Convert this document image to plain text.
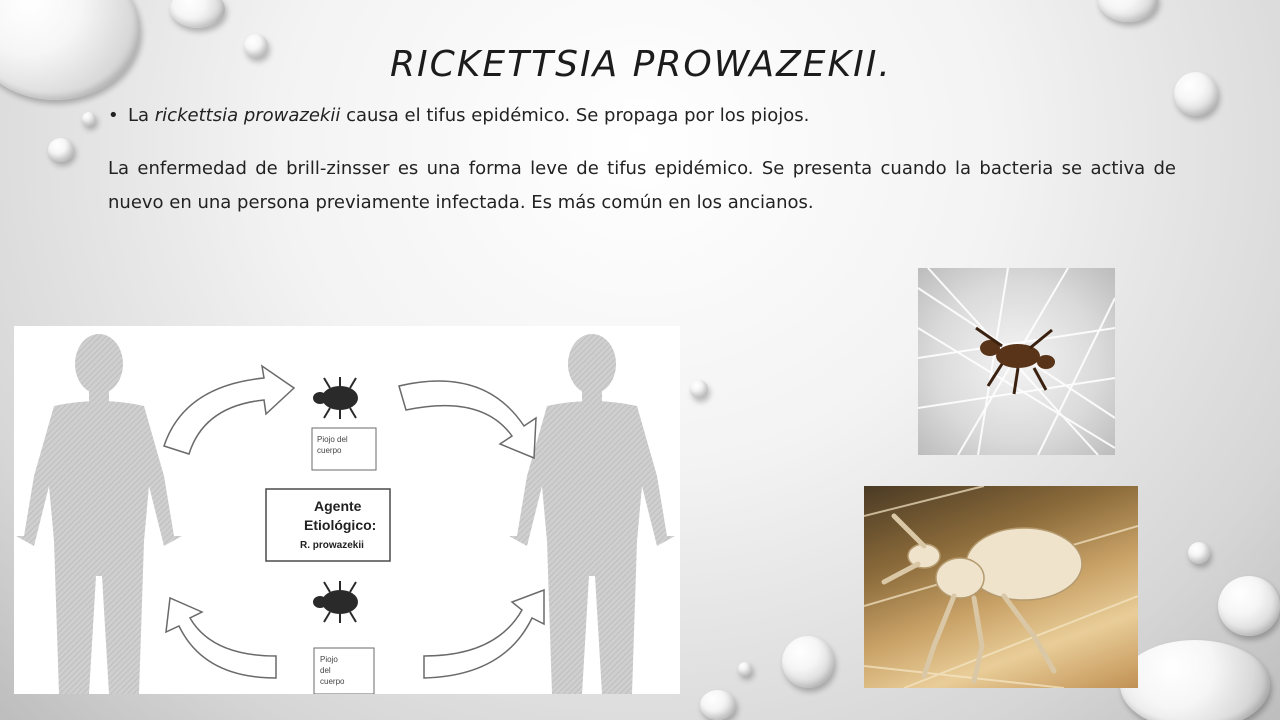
RICKETTSIA PROWAZEKII.
• La rickettsia prowazekii causa el tifus epidémico. Se propaga por los piojos.
La enfermedad de brill-zinsser es una forma leve de tifus epidémico. Se presenta cuando la bacteria se activa de nuevo en una persona previamente infectada. Es más común en los ancianos.
Piojo del
cuerpo
Agente
Etiológico:
R. prowazekii
Piojo
del
cuerpo
